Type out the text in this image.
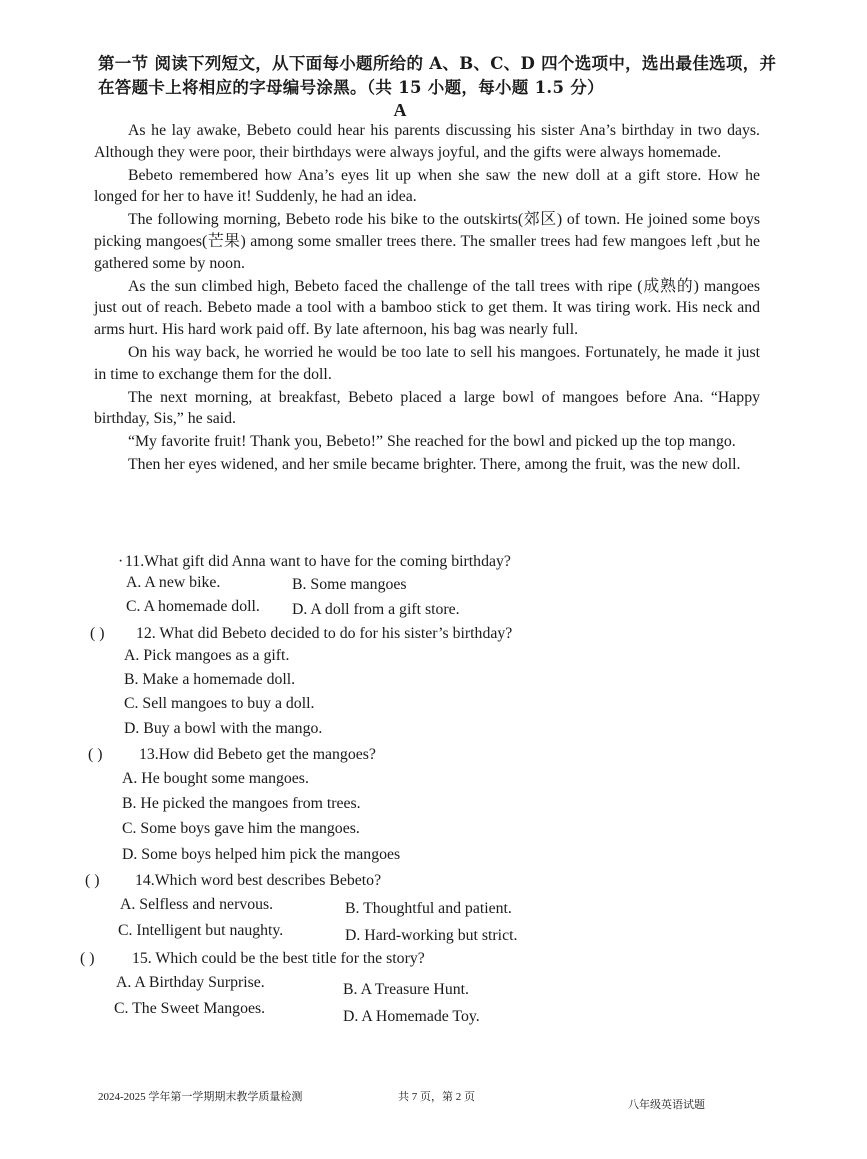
第一节 阅读下列短文，从下面每小题所给的 A、B、C、D 四个选项中，选出最佳选项，并在答题卡上将相应的字母编号涂黑。（共 15 小题，每小题 1.5 分）
A

As he lay awake, Bebeto could hear his parents discussing his sister Ana’s birthday in two days. Although they were poor, their birthdays were always joyful, and the gifts were always homemade.

Bebeto remembered how Ana’s eyes lit up when she saw the new doll at a gift store. How he longed for her to have it! Suddenly, he had an idea.

The following morning, Bebeto rode his bike to the outskirts(郊区) of town. He joined some boys picking mangoes(芒果) among some smaller trees there. The smaller trees had few mangoes left ,but he gathered some by noon.

As the sun climbed high, Bebeto faced the challenge of the tall trees with ripe (成熟的) mangoes just out of reach. Bebeto made a tool with a bamboo stick to get them. It was tiring work. His neck and arms hurt. His hard work paid off. By late afternoon, his bag was nearly full.

On his way back, he worried he would be too late to sell his mangoes. Fortunately, he made it just in time to exchange them for the doll.

The next morning, at breakfast, Bebeto placed a large bowl of mangoes before Ana. “Happy birthday, Sis,” he said.

“My favorite fruit! Thank you, Bebeto!” She reached for the bowl and picked up the top mango.

Then her eyes widened, and her smile became brighter. There, among the fruit, was the new doll.

· 11.What gift did Anna want to have for the coming birthday?
A. A new bike.	B. Some mangoes
C. A homemade doll. D. A doll from a gift store.
( ) 12. What did Bebeto decided to do for his sister’s birthday?
A. Pick mangoes as a gift.
B. Make a homemade doll.
C. Sell mangoes to buy a doll.
D. Buy a bowl with the mango.
( ) 13.How did Bebeto get the mangoes?
A. He bought some mangoes.
B. He picked the mangoes from trees.
C. Some boys gave him the mangoes.
D. Some boys helped him pick the mangoes
( ) 14.Which word best describes Bebeto?
A. Selfless and nervous.	B. Thoughtful and patient.
C. Intelligent but naughty.	D. Hard-working but strict.
( ) 15. Which could be the best title for the story?
A. A Birthday Surprise.	B. A Treasure Hunt.
C. The Sweet Mangoes.	D. A Homemade Toy.
2024-2025 学年第一学期期末教学质量检测	共 7 页，第 2 页
八年级英语试题
